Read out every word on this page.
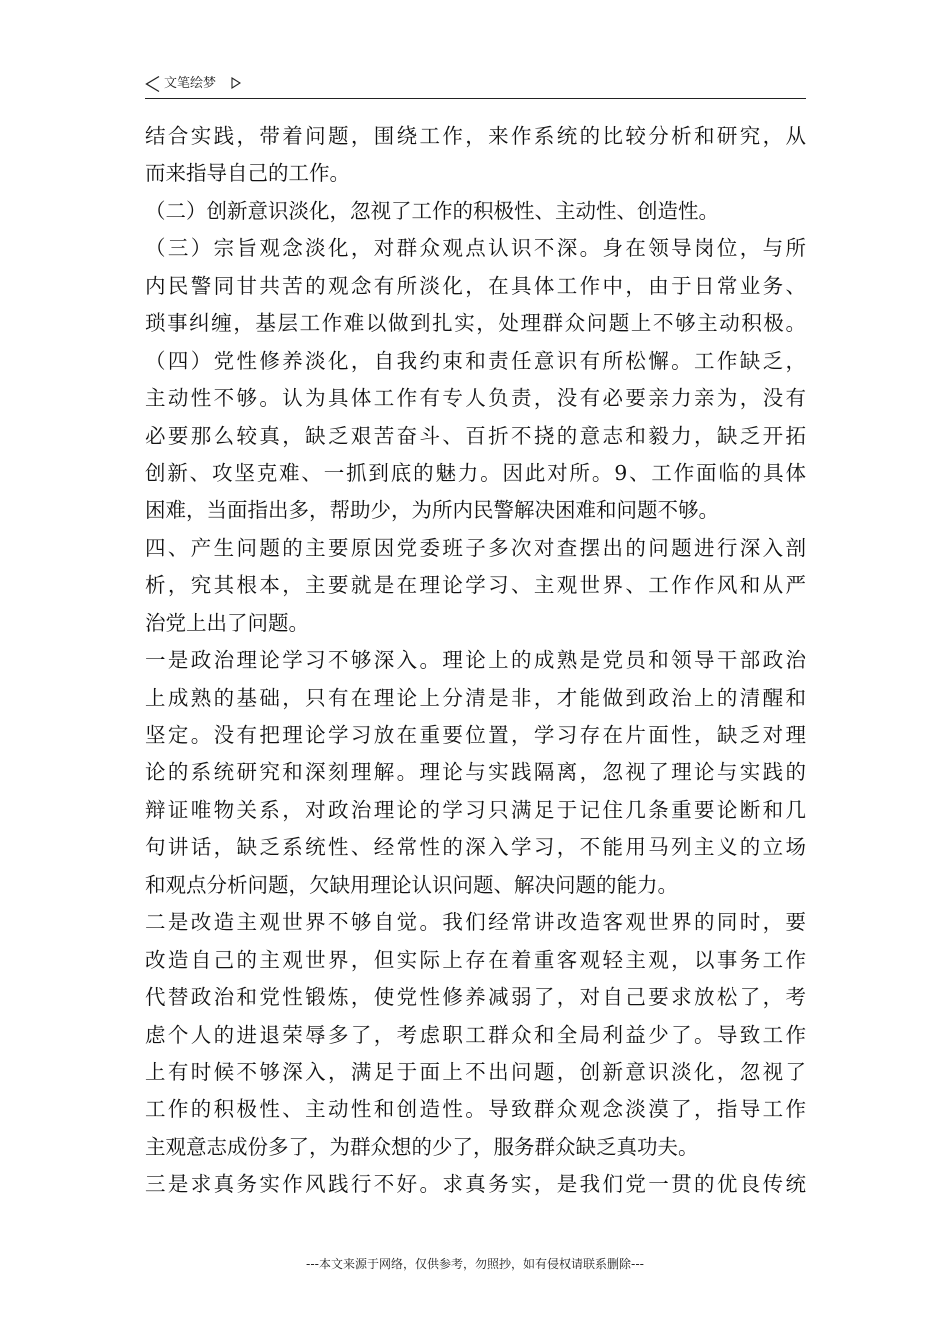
文笔绘梦
结合实践，带着问题，围绕工作，来作系统的比较分析和研究，从
而来指导自己的工作。
（二）创新意识淡化，忽视了工作的积极性、主动性、创造性。
（三）宗旨观念淡化，对群众观点认识不深。身在领导岗位，与所
内民警同甘共苦的观念有所淡化，在具体工作中，由于日常业务、
琐事纠缠，基层工作难以做到扎实，处理群众问题上不够主动积极。
（四）党性修养淡化，自我约束和责任意识有所松懈。工作缺乏，
主动性不够。认为具体工作有专人负责，没有必要亲力亲为，没有
必要那么较真，缺乏艰苦奋斗、百折不挠的意志和毅力，缺乏开拓
创新、攻坚克难、一抓到底的魅力。因此对所。9、工作面临的具体
困难，当面指出多，帮助少，为所内民警解决困难和问题不够。
四、产生问题的主要原因党委班子多次对查摆出的问题进行深入剖
析，究其根本，主要就是在理论学习、主观世界、工作作风和从严
治党上出了问题。
一是政治理论学习不够深入。理论上的成熟是党员和领导干部政治
上成熟的基础，只有在理论上分清是非，才能做到政治上的清醒和
坚定。没有把理论学习放在重要位置，学习存在片面性，缺乏对理
论的系统研究和深刻理解。理论与实践隔离，忽视了理论与实践的
辩证唯物关系，对政治理论的学习只满足于记住几条重要论断和几
句讲话，缺乏系统性、经常性的深入学习，不能用马列主义的立场
和观点分析问题，欠缺用理论认识问题、解决问题的能力。
二是改造主观世界不够自觉。我们经常讲改造客观世界的同时，要
改造自己的主观世界，但实际上存在着重客观轻主观，以事务工作
代替政治和党性锻炼，使党性修养减弱了，对自己要求放松了，考
虑个人的进退荣辱多了，考虑职工群众和全局利益少了。导致工作
上有时候不够深入，满足于面上不出问题，创新意识淡化，忽视了
工作的积极性、主动性和创造性。导致群众观念淡漠了，指导工作
主观意志成份多了，为群众想的少了，服务群众缺乏真功夫。
三是求真务实作风践行不好。求真务实，是我们党一贯的优良传统
---本文来源于网络，仅供参考，勿照抄，如有侵权请联系删除---
